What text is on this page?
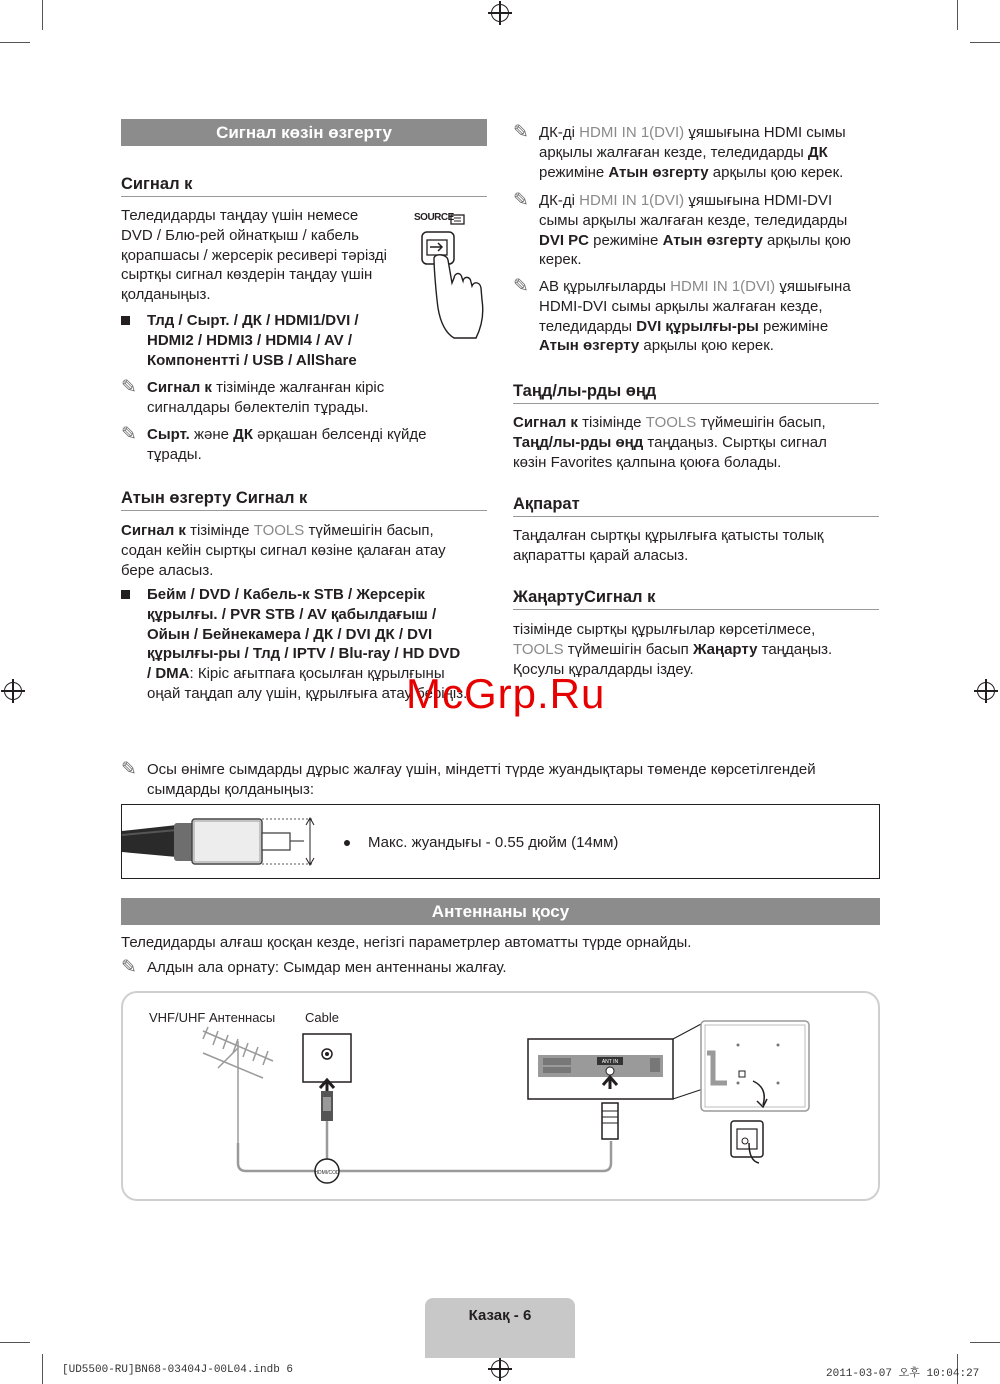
Сигнал көзін өзгерту
Сигнал к
Теледидарды таңдау үшін немесе
DVD / Блю-рей ойнатқыш / кабель
қорапшасы / жерсерік ресивері тәрізді
сыртқы сигнал көздерін таңдау үшін
қолданыңыз.
SOURCE
Тлд / Сырт. / ДК / HDMI1/DVI /
HDMI2 / HDMI3 / HDMI4 / AV /
Компоненттi / USB / AllShare
✎ Сигнал к тізімінде жалғанған кіріс
сигналдары бөлектеліп тұрады.
✎ Сырт. және ДК әрқашан белсенді күйде
тұрады.
Атын өзгерту Сигнал к
Сигнал к тізімінде TOOLS түймешігін басып,
содан кейін сыртқы сигнал көзіне қалаған атау
бере аласыз.
Бейм / DVD / Кабель-к STB / Жерсерік
құрылғы. / PVR STB / AV қабылдағыш /
Ойын / Бейнекамера / ДК / DVI ДК / DVI
құрылғы-ры / Тлд / IPTV / Blu-ray / HD DVD
/ DMA: Кіріс ағытпаға қосылған құрылғыны
оңай таңдап алу үшін, құрылғыға атау беріңіз.
✎ ДК-ді HDMI IN 1(DVI) ұяшығына HDMI сымы
арқылы жалғаған кезде, теледидарды ДК
режиміне Атын өзгерту арқылы қою керек.
✎ ДК-ді HDMI IN 1(DVI) ұяшығына HDMI-DVI
сымы арқылы жалғаған кезде, теледидарды
DVI PC режиміне Атын өзгерту арқылы қою
керек.
✎ АВ құрылғыларды HDMI IN 1(DVI) ұяшығына
HDMI-DVI сымы арқылы жалғаған кезде,
теледидарды DVI құрылғы-ры режиміне
Атын өзгерту арқылы қою керек.
Таңд/лы-рды өңд
Сигнал к тізімінде TOOLS түймешігін басып,
Таңд/лы-рды өңд таңдаңыз. Сыртқы сигнал
көзін Favorites қалпына қоюға болады.
Ақпарат
Таңдалған сыртқы құрылғыға қатысты толық
ақпаратты қарай аласыз.
ЖаңартуСигнал к
тізімінде сыртқы құрылғылар көрсетілмесе,
TOOLS түймешігін басып Жаңарту таңдаңыз.
Қосулы құралдарды іздеу.
McGrp.Ru
✎ Осы өнімге сымдарды дұрыс жалғау үшін, міндетті түрде жуандықтары төменде көрсетілгендей
сымдарды қолданыңыз:
Макс. жуандығы - 0.55 дюйм (14мм)
Антеннаны қосу
Теледидарды алғаш қосқан кезде, негізгі параметрлер автоматты түрде орнайды.
✎ Алдын ала орнату: Сымдар мен антеннаны жалғау.
VHF/UHF Антеннасы Cable
HDMI/COD
ANT IN
Казақ - 6
[UD5500-RU]BN68-03404J-00L04.indb 6	2011-03-07 오후 10:04:27
